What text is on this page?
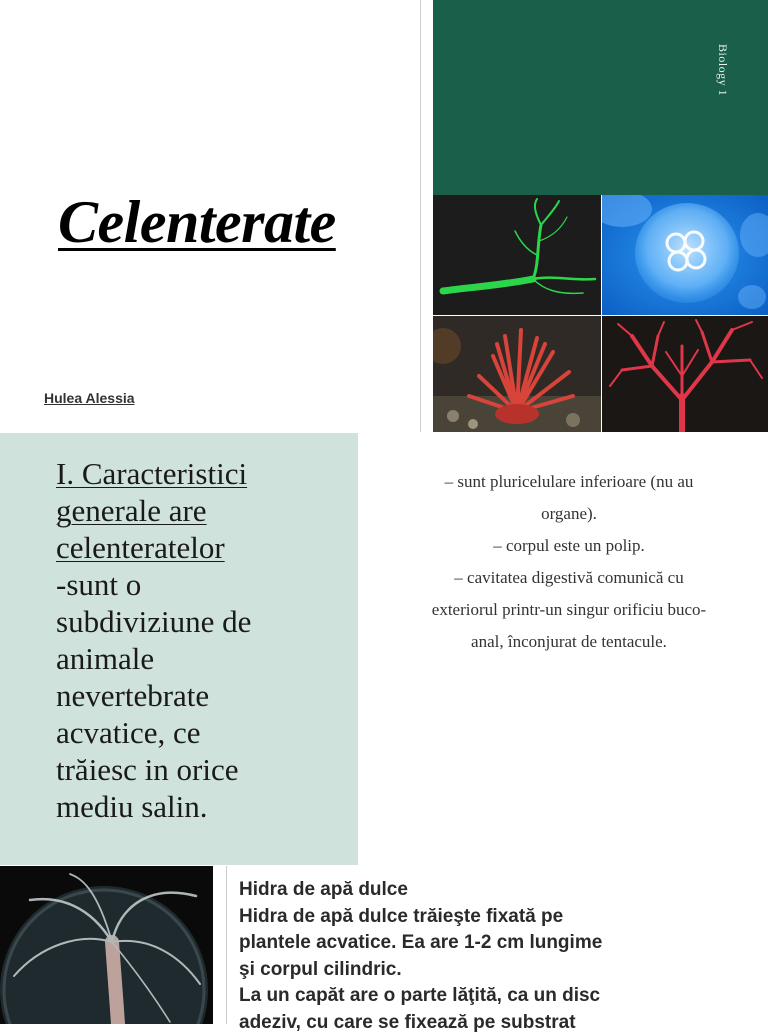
Celenterate
Hulea Alessia
Biology 1
I. Caracteristici
generale are
celenteratelor
-sunt o
subdiviziune de
animale
nevertebrate
acvatice, ce
trăiesc in orice
mediu salin.
– sunt pluricelulare inferioare (nu au
organe).
– corpul este un polip.
– cavitatea digestivă comunică cu
exteriorul printr-un singur orificiu buco-
anal, înconjurat de tentacule.
Hidra de apă dulce
Hidra de apă dulce trăieşte fixată pe
plantele acvatice. Ea are 1-2 cm lungime
şi corpul cilindric.
La un capăt are o parte lăţită, ca un disc
adeziv, cu care se fixează pe substrat
